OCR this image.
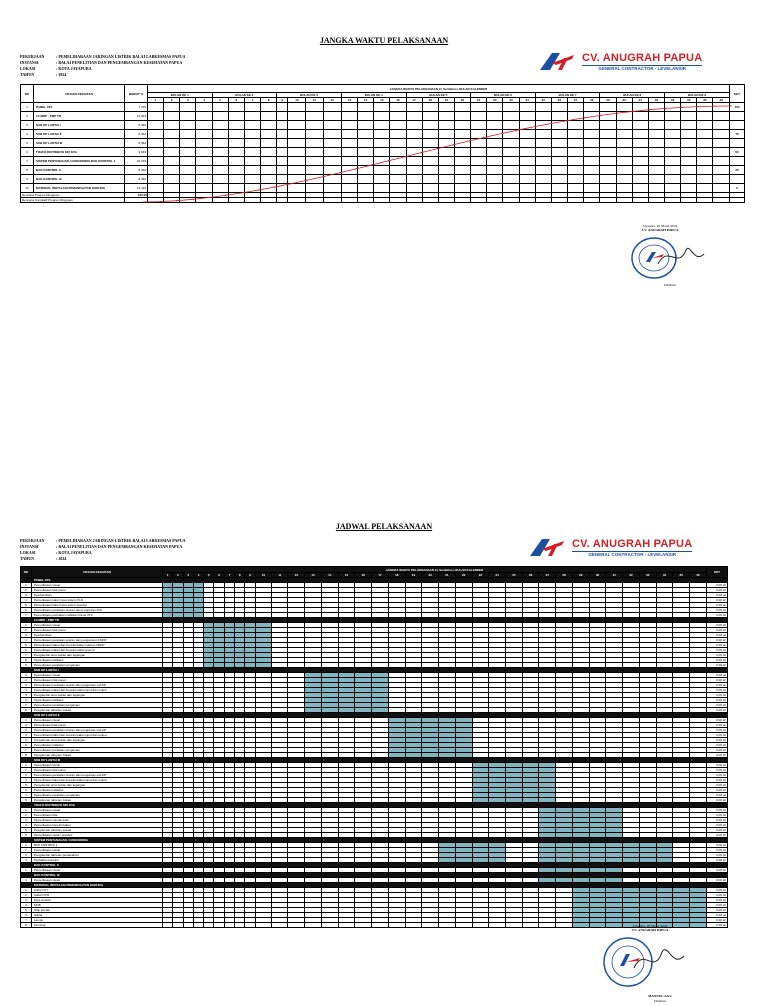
JANGKA WAKTU PELAKSANAAN
PEKERJAAN	: PEMELIHARAAN JARINGAN LISTRIK BALAI LABKESMAS PAPUA
INSTANSI	: BALAI PENELITIAN DAN PENGEMBANGAN KESEHATAN PAPUA
LOKASI	: KOTA JAYAPURA
TAHUN	: 2024
CV. ANUGRAH PAPUA
GENERAL CONTRACTOR - LEVELANSIR
NO	URAIAN KEGIATAN	BOBOT %	JANGKA WAKTU PELAKSANAAN 9 ( Sembilan ) BULAN KALENDER																																				KET
			BULAN KE 1				BULAN KE 2				BULAN KE 3				BULAN KE 4				BULAN KE 5				BULAN KE 6				BULAN KE 7				BULAN KE 8				BULAN KE 9				
			1	2	3	4	5	6	7	8	9	10	11	12	13	14	15	16	17	18	19	20	21	22	23	24	25	26	27	28	29	30	31	32	33	34	35	36	
1	PANEL ATS	7,375																																					100
2	LV MDP - PMP TR	12,063																																					
3	SUB DP LANTAI I	8,460																																					
4	SUB DP LANTAI II	8,460																																					75
5	SUB DP LANTAI III	8,460																																					
6	TRAFO DISTRIBUSI 630 KVA	9,649																																					50
7	SISTEM PENTANAHAN / GROUNDING BAK KONTROL 1	24,799																																					
8	BAK KONTROL II	8,460																																					25
9	BAK KONTROL III	8,460																																					
10	MATERIAL INSTALASI PEMANFAATAN GEDUNG	13,419																																					0
Rencana Progres Mingguan		100,00																																					
Rencana Kumulatif Progres Mingguan																																							
Jayapura, 20 Maret 2024
CV. ANUGRAH PAPUA
Direktur
JADWAL PELAKSANAAN
PEKERJAAN	: PEMELIHARAAN JARINGAN LISTRIK BALAI LABKESMAS PAPUA
INSTANSI	: BALAI PENELITIAN DAN PENGEMBANGAN KESEHATAN PAPUA
LOKASI	: KOTA JAYAPURA
TAHUN	: 2024
CV. ANUGRAH PAPUA
GENERAL CONTRACTOR - LEVELANSIR
NO	URAIAN KEGIATAN	JANGKA WAKTU PELAKSANAAN 9 ( Sembilan ) BULAN KALENDER																																				KET
		1	2	3	4	5	6	7	8	9	10	11	12	13	14	15	16	17	18	19	20	21	22	23	24	25	26	27	28	29	30	31	32	33	34	35	36	
	PANEL ATS																																					
1	Pemeriksaan visual																																					0,00 Hr
2	Pemeriksaan fisik panel																																					0,00 Hr
3	Pembersihan																																					0,00 Hr
4	Pemeriksaan kabel input sistem PLN																																					0,00 Hr
5	Pemeriksaan kabel input sistem Genset																																					0,00 Hr
6	Pemeriksaan peralatan ukuran dan pengaman ATS																																					0,00 Hr
7	Pemeriksaan perbaikan indikator Panel ATS																																					0,00 Hr
	LV MDP - PMP TR																																					
1	Pemeriksaan visual																																					0,00 Hr
2	Pemeriksaan fisik panel																																					0,00 Hr
3	Pembersihan																																					0,00 Hr
4	Pemeriksaan peralatan ukuran dan pengaman LVMDP																																					0,00 Hr
5	Pemeriksaan kabel dan koneksi kabel output LVMDP																																					0,00 Hr
6	Pemeriksaan kabel dan koneksi kabel ground																																					0,00 Hr
7	Pengukuran arus beban dan tegangan																																					0,00 Hr
8	Pemeriksaan indikator																																					0,00 Hr
9	Pemeriksaan peralatan pengaman																																					0,00 Hr
	SUB DP LANTAI I																																					
1	Pemeriksaan visual																																					0,00 Hr
2	Pemeriksaan fisik panel																																					0,00 Hr
3	Pemeriksaan peralatan ukuran dan pengaman sub DP																																					0,00 Hr
4	Pemeriksaan kabel dan koneksi kabel input dan output																																					0,00 Hr
5	Pengukuran arus beban dan tegangan																																					0,00 Hr
6	Pemeriksaan indikator																																					0,00 Hr
7	Pemeriksaan peralatan pengaman																																					0,00 Hr
8	Pengukuran tahanan isolasi																																					0,00 Hr
	SUB DP LANTAI II																																					
1	Pemeriksaan visual																																					0,00 Hr
2	Pemeriksaan fisik panel																																					0,00 Hr
3	Pemeriksaan peralatan ukuran dan pengaman sub DP																																					0,00 Hr
4	Pemeriksaan kabel dan koneksi kabel input dan output																																					0,00 Hr
5	Pengukuran arus beban dan tegangan																																					0,00 Hr
6	Pemeriksaan indikator																																					0,00 Hr
7	Pemeriksaan peralatan pengaman																																					0,00 Hr
8	Pengukuran tahanan isolasi																																					0,00 Hr
	SUB DP LANTAI III																																					
1	Pemeriksaan visual																																					0,00 Hr
2	Pemeriksaan fisik panel																																					0,00 Hr
3	Pemeriksaan peralatan ukuran dan pengaman sub DP																																					0,00 Hr
4	Pemeriksaan kabel dan koneksi kabel input dan output																																					0,00 Hr
5	Pengukuran arus beban dan tegangan																																					0,00 Hr
6	Pemeriksaan indikator																																					0,00 Hr
7	Pemeriksaan peralatan pengaman																																					0,00 Hr
8	Pengukuran tahanan isolasi																																					0,00 Hr
	TRAFO DISTRIBUSI 630 KVA																																					
1	Pemeriksaan visual																																					0,00 Hr
2	Pemeriksaan fisik																																					0,00 Hr
3	Pemeriksaan minyak trafo																																					0,00 Hr
4	Pemeriksaan koneksi kabel																																					0,00 Hr
5	Pengukuran tahanan isolasi																																					0,00 Hr
6	Pemeriksaan sistem proteksi																																					0,00 Hr
	SISTEM PENTANAHAN / GROUNDING																																					
1	BAK KONTROL 1																																					0,00 Hr
2	Pemeriksaan visual																																					0,00 Hr
3	Pengukuran tahanan pentanahan																																					0,00 Hr
4	Perbaikan koneksi																																					0,00 Hr
	BAK KONTROL II																																					
1	Pemeriksaan visual																																					0,00 Hr
	BAK KONTROL III																																					
1	Pemeriksaan visual																																					0,00 Hr
	MATERIAL INSTALASI PEMANFAATAN GEDUNG																																					
1	Kabel NYY																																					0,00 Hr
2	Kabel NYM																																					0,00 Hr
3	Pipa conduit																																					0,00 Hr
4	MCB																																					0,00 Hr
5	Stop kontak																																					0,00 Hr
6	Saklar																																					0,00 Hr
7	Lampu																																					0,00 Hr
8	Terminal																																					0,00 Hr
Jayapura, 20 Maret 2024
CV. ANUGRAH PAPUA
MANUEL AGU
Direktur
